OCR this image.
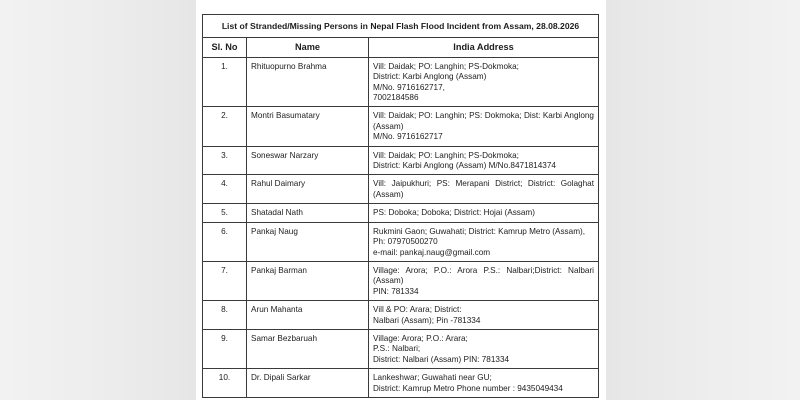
List of Stranded/Missing Persons in Nepal Flash Flood Incident from Assam, 28.08.2026		
Sl. No	Name	India Address
1.	Rhituopurno Brahma	Vill: Daidak; PO: Langhin; PS-Dokmoka;
District: Karbi Anglong (Assam)
M/No. 9716162717,
7002184586

2.	Montri Basumatary	Vill: Daidak; PO: Langhin; PS: Dokmoka; Dist: Karbi Anglong (Assam)
M/No. 9716162717

3.	Soneswar Narzary	Vill: Daidak; PO: Langhin; PS-Dokmoka;
District: Karbi Anglong (Assam) M/No.8471814374

4.	Rahul Daimary	Vill: Jaipukhuri; PS: Merapani District; District: Golaghat (Assam)

5.	Shatadal Nath	PS: Doboka; Doboka; District: Hojai (Assam)

6.	Pankaj Naug	Rukmini Gaon; Guwahati; District: Kamrup Metro (Assam),
Ph: 07970500270
e-mail: pankaj.naug@gmail.com

7.	Pankaj Barman	Village: Arora; P.O.: Arora P.S.: Nalbari;District: Nalbari (Assam)
PIN: 781334

8.	Arun Mahanta	Vill & PO: Arara; District:
Nalbari (Assam); Pin -781334

9.	Samar Bezbaruah	Village: Arora; P.O.: Arara;
P.S.: Nalbari;
District: Nalbari (Assam) PIN: 781334

10.	Dr. Dipali Sarkar	Lankeshwar; Guwahati near GU;
District: Kamrup Metro Phone number : 9435049434
